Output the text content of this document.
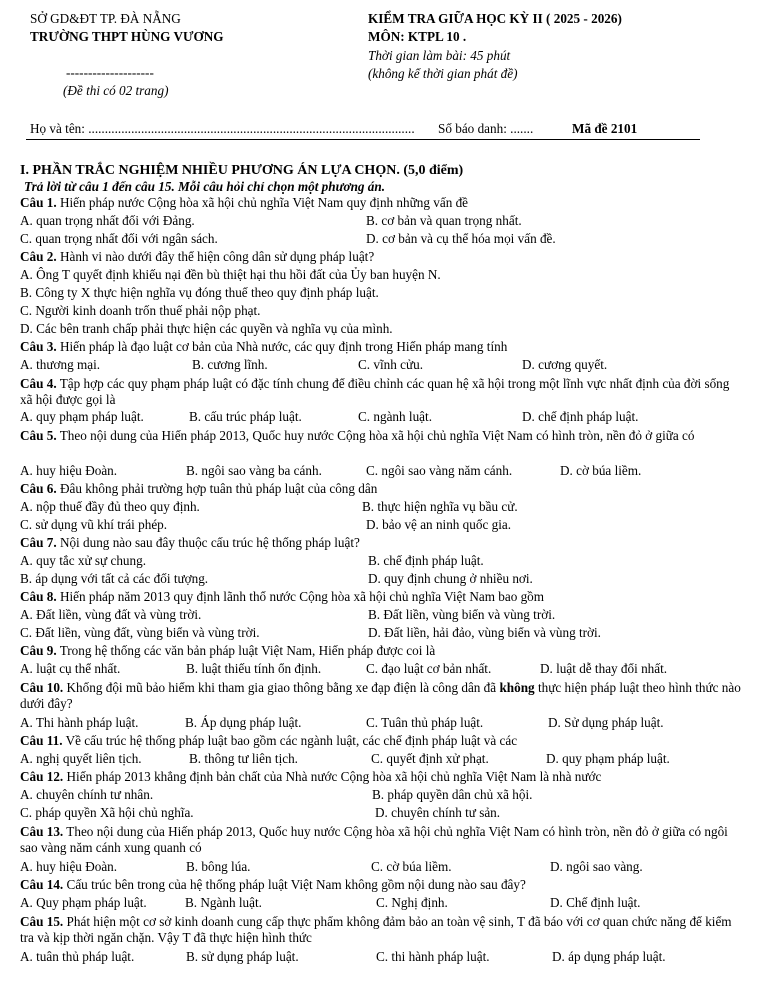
SỞ GD&ĐT TP. ĐÀ NẴNG
TRƯỜNG THPT HÙNG VƯƠNG
--------------------
(Đề thi có 02 trang)
KIỂM TRA GIỮA HỌC KỲ II ( 2025 - 2026)
MÔN: KTPL 10 .
Thời gian làm bài: 45 phút
(không kể thời gian phát đề)
Họ và tên: ................................................................................................... Số báo danh: .......	Mã đề 2101
I. PHẦN TRẮC NGHIỆM NHIỀU PHƯƠNG ÁN LỰA CHỌN. (5,0 điểm)
Trả lời từ câu 1 đến câu 15. Mỗi câu hỏi chỉ chọn một phương án.
Câu 1. Hiến pháp nước Cộng hòa xã hội chủ nghĩa Việt Nam quy định những vấn đề
A. quan trọng nhất đối với Đảng.	B. cơ bản và quan trọng nhất.
C. quan trọng nhất đối với ngân sách.	D. cơ bản và cụ thể hóa mọi vấn đề.
Câu 2. Hành vi nào dưới đây thể hiện công dân sử dụng pháp luật?
A. Ông T quyết định khiếu nại đền bù thiệt hại thu hồi đất của Ủy ban huyện N.
B. Công ty X thực hiện nghĩa vụ đóng thuế theo quy định pháp luật.
C. Người kinh doanh trốn thuế phải nộp phạt.
D. Các bên tranh chấp phải thực hiện các quyền và nghĩa vụ của mình.
Câu 3. Hiến pháp là đạo luật cơ bản của Nhà nước, các quy định trong Hiến pháp mang tính
A. thương mại.	B. cương lĩnh.	C. vĩnh cửu.	D. cương quyết.
Câu 4. Tập hợp các quy phạm pháp luật có đặc tính chung để điều chỉnh các quan hệ xã hội trong một lĩnh vực nhất định của đời sống xã hội được gọi là
A. quy phạm pháp luật.	B. cấu trúc pháp luật.	C. ngành luật.	D. chế định pháp luật.
Câu 5. Theo nội dung của Hiến pháp 2013, Quốc huy nước Cộng hòa xã hội chủ nghĩa Việt Nam có hình tròn, nền đỏ ở giữa có
A. huy hiệu Đoàn.	B. ngôi sao vàng ba cánh.	C. ngôi sao vàng năm cánh.	D. cờ búa liềm.
Câu 6. Đâu không phải trường hợp tuân thủ pháp luật của công dân
A. nộp thuế đầy đủ theo quy định.	B. thực hiện nghĩa vụ bầu cử.
C. sử dụng vũ khí trái phép.	D. bảo vệ an ninh quốc gia.
Câu 7. Nội dung nào sau đây thuộc cấu trúc hệ thống pháp luật?
A. quy tắc xử sự chung.	B. chế định pháp luật.
B. áp dụng với tất cả các đối tượng.	D. quy định chung ở nhiều nơi.
Câu 8. Hiến pháp năm 2013 quy định lãnh thổ nước Cộng hòa xã hội chủ nghĩa Việt Nam bao gồm
A. Đất liền, vùng đất và vùng trời.	B. Đất liền, vùng biển và vùng trời.
C. Đất liền, vùng đất, vùng biển và vùng trời.	D. Đất liền, hải đảo, vùng biển và vùng trời.
Câu 9. Trong hệ thống các văn bản pháp luật Việt Nam, Hiến pháp được coi là
A. luật cụ thể nhất.	B. luật thiếu tính ổn định.	C. đạo luật cơ bản nhất.	D. luật dễ thay đổi nhất.
Câu 10. Khống đội mũ bảo hiểm khi tham gia giao thông bằng xe đạp điện là công dân đã không thực hiện pháp luật theo hình thức nào dưới đây?
A. Thi hành pháp luật.	B. Áp dụng pháp luật.	C. Tuân thủ pháp luật.	D. Sử dụng pháp luật.
Câu 11. Về cấu trúc hệ thống pháp luật bao gồm các ngành luật, các chế định pháp luật và các
A. nghị quyết liên tịch.	B. thông tư liên tịch.	C. quyết định xử phạt.	D. quy phạm pháp luật.
Câu 12. Hiến pháp 2013 khẳng định bản chất của Nhà nước Cộng hòa xã hội chủ nghĩa Việt Nam là nhà nước
A. chuyên chính tư nhân.	B. pháp quyền dân chủ xã hội.
C. pháp quyền Xã hội chủ nghĩa.	D. chuyên chính tư sản.
Câu 13. Theo nội dung của Hiến pháp 2013, Quốc huy nước Cộng hòa xã hội chủ nghĩa Việt Nam có hình tròn, nền đỏ ở giữa có ngôi sao vàng năm cánh xung quanh có
A. huy hiệu Đoàn.	B. bông lúa.	C. cờ búa liềm.	D. ngôi sao vàng.
Câu 14. Cấu trúc bên trong của hệ thống pháp luật Việt Nam không gồm nội dung nào sau đây?
A. Quy phạm pháp luật.	B. Ngành luật.	C. Nghị định.	D. Chế định luật.
Câu 15. Phát hiện một cơ sở kinh doanh cung cấp thực phẩm không đảm bảo an toàn vệ sinh, T đã báo với cơ quan chức năng để kiểm tra và kịp thời ngăn chặn. Vậy T đã thực hiện hình thức
A. tuân thủ pháp luật.	B. sử dụng pháp luật.	C. thi hành pháp luật.	D. áp dụng pháp luật.
